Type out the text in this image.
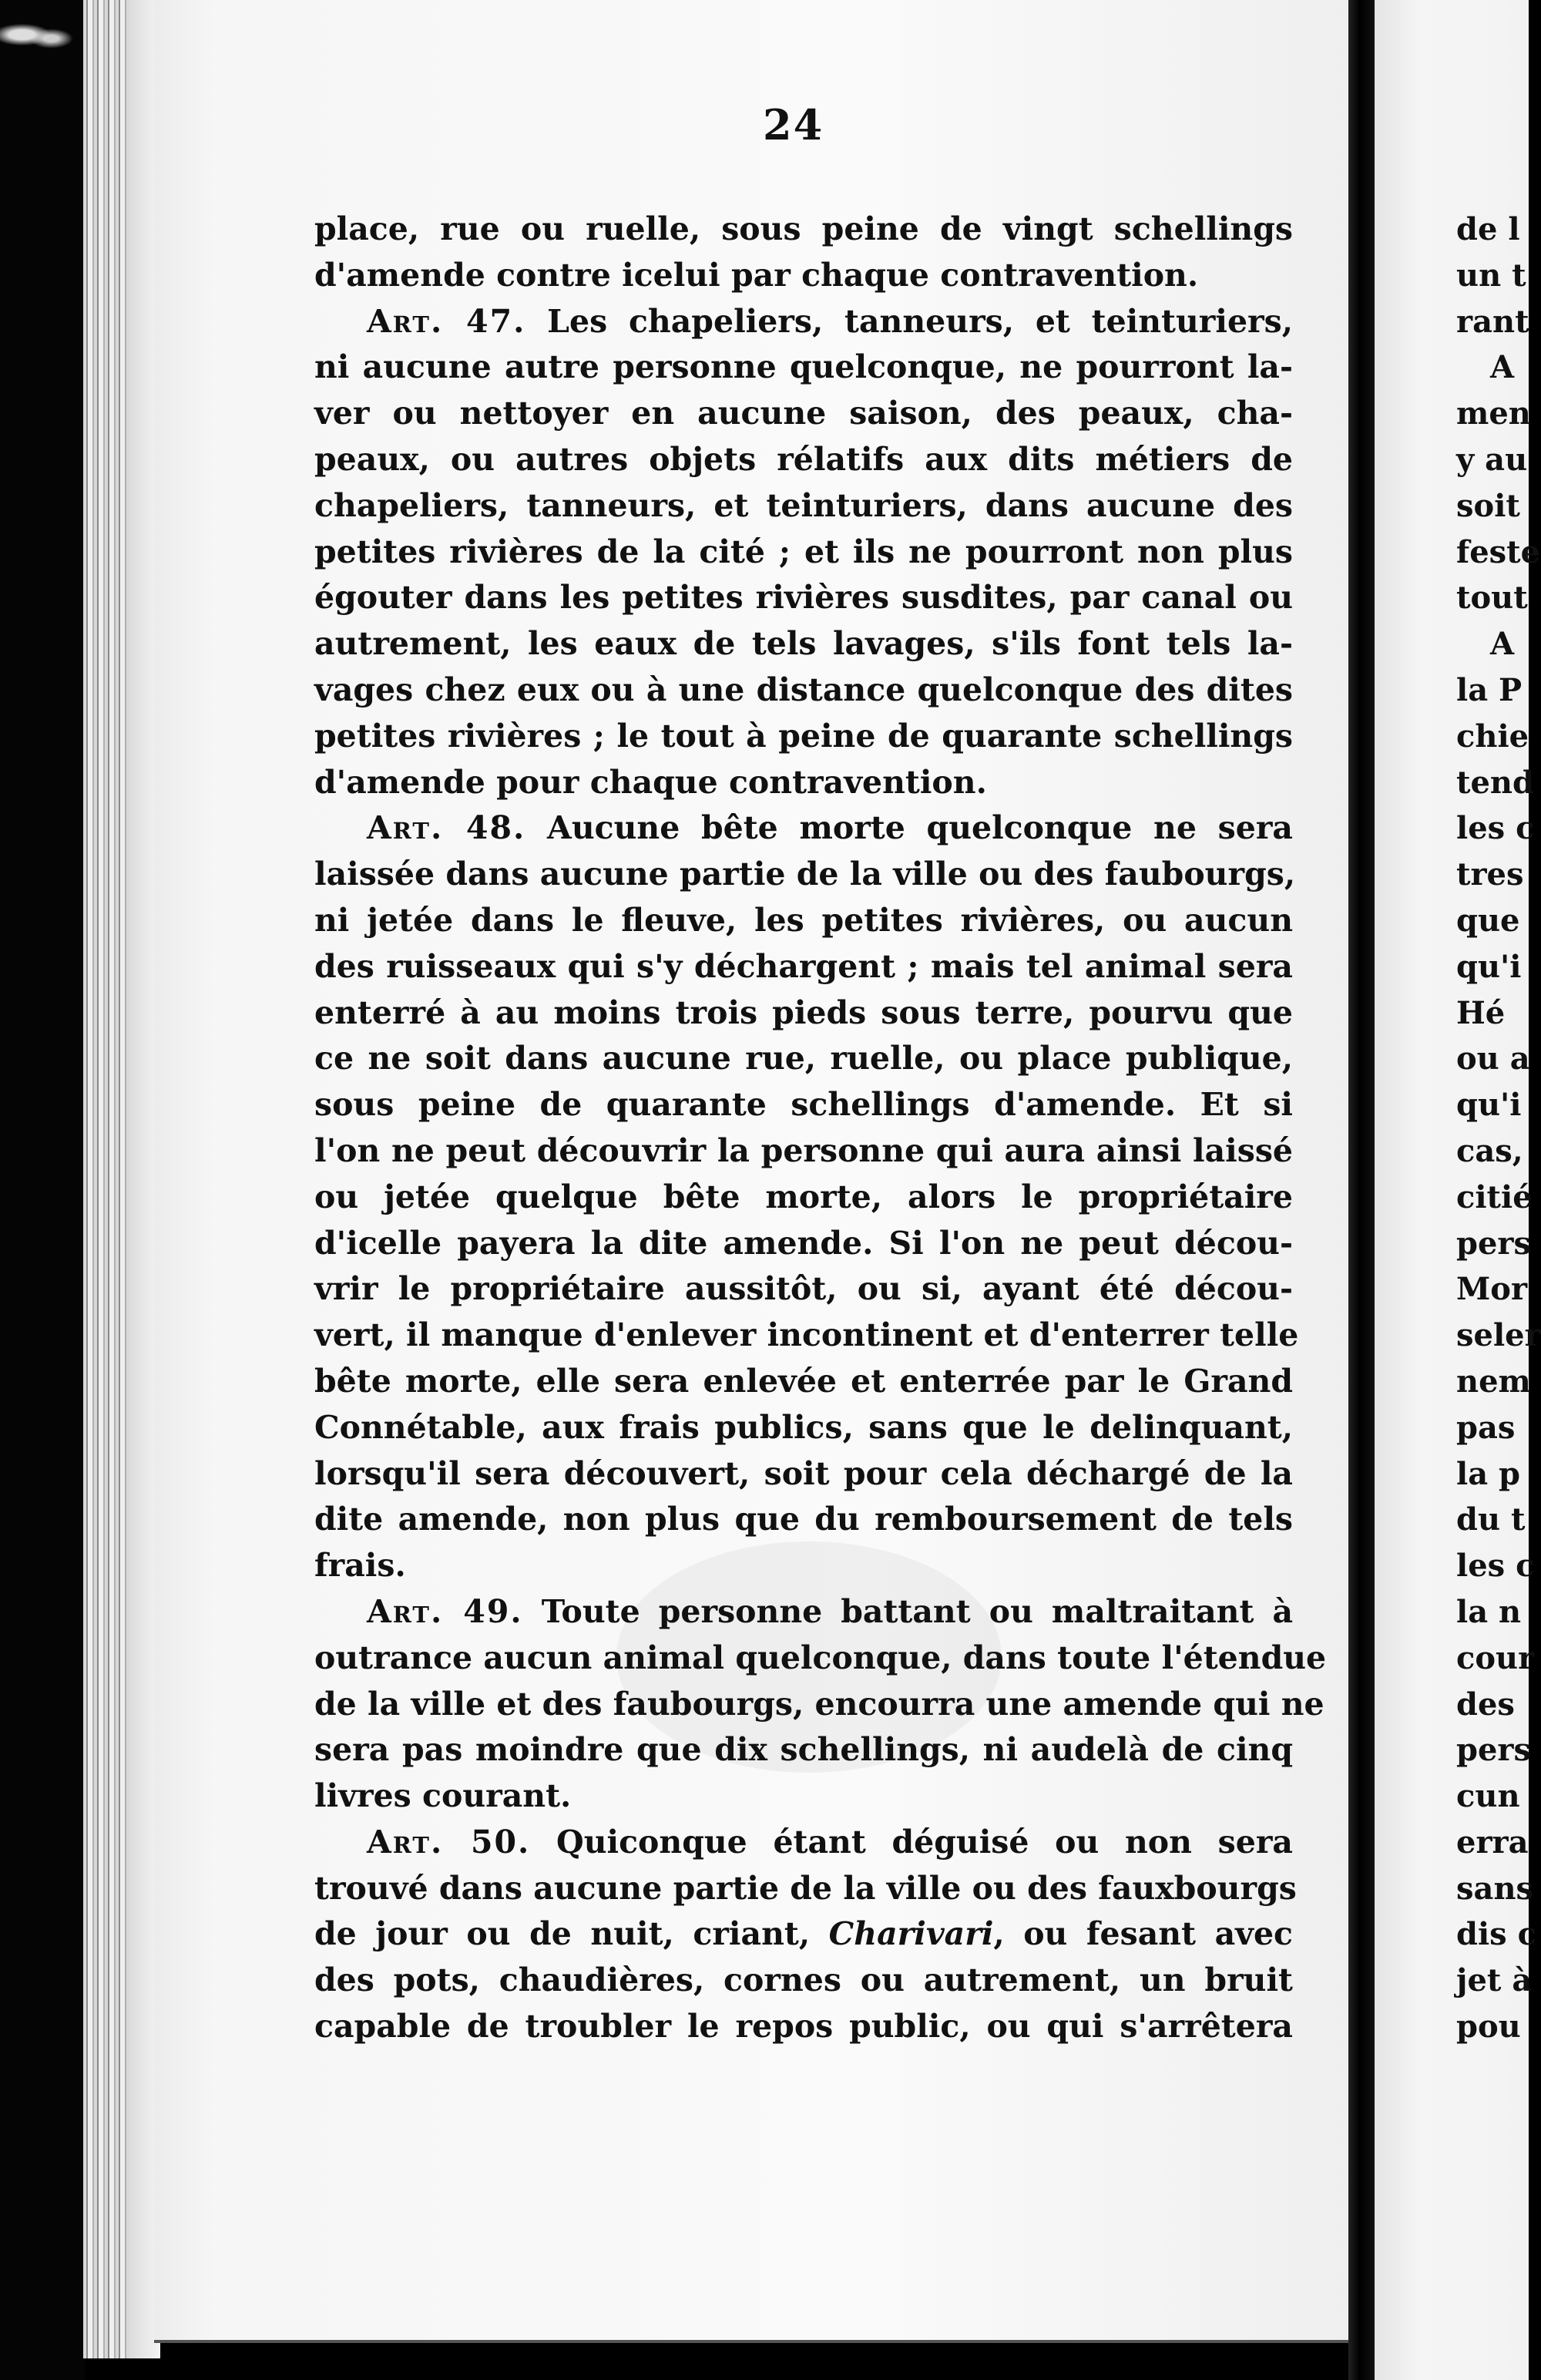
24
place, rue ou ruelle, sous peine de vingt schellings
d'amende contre icelui par chaque contravention.
Art. 47. Les chapeliers, tanneurs, et teinturiers,
ni aucune autre personne quelconque, ne pourront la-
ver ou nettoyer en aucune saison, des peaux, cha-
peaux, ou autres objets rélatifs aux dits métiers de
chapeliers, tanneurs, et teinturiers, dans aucune des
petites rivières de la cité ; et ils ne pourront non plus
égouter dans les petites rivières susdites, par canal ou
autrement, les eaux de tels lavages, s'ils font tels la-
vages chez eux ou à une distance quelconque des dites
petites rivières ; le tout à peine de quarante schellings
d'amende pour chaque contravention.
Art. 48. Aucune bête morte quelconque ne sera
laissée dans aucune partie de la ville ou des faubourgs,
ni jetée dans le fleuve, les petites rivières, ou aucun
des ruisseaux qui s'y déchargent ; mais tel animal sera
enterré à au moins trois pieds sous terre, pourvu que
ce ne soit dans aucune rue, ruelle, ou place publique,
sous peine de quarante schellings d'amende. Et si
l'on ne peut découvrir la personne qui aura ainsi laissé
ou jetée quelque bête morte, alors le propriétaire
d'icelle payera la dite amende. Si l'on ne peut décou-
vrir le propriétaire aussitôt, ou si, ayant été décou-
vert, il manque d'enlever incontinent et d'enterrer telle
bête morte, elle sera enlevée et enterrée par le Grand
Connétable, aux frais publics, sans que le delinquant,
lorsqu'il sera découvert, soit pour cela déchargé de la
dite amende, non plus que du remboursement de tels
frais.
Art. 49. Toute personne battant ou maltraitant à
outrance aucun animal quelconque, dans toute l'étendue
de la ville et des faubourgs, encourra une amende qui ne
sera pas moindre que dix schellings, ni audelà de cinq
livres courant.
Art. 50. Quiconque étant déguisé ou non sera
trouvé dans aucune partie de la ville ou des fauxbourgs
de jour ou de nuit, criant, Charivari, ou fesant avec
des pots, chaudières, cornes ou autrement, un bruit
capable de troubler le repos public, ou qui s'arrêtera
de l
un t
rant
A
men
y au
soit
feste
tout
A
la P
chie
tend
les c
tres
que
qu'i
Hé
ou a
qu'i
cas,
citié
pers
Mor
seler
nem
pas
la p
du t
les c
la n
cour
des
pers
cun
erra
sans
dis c
jet à
pou
